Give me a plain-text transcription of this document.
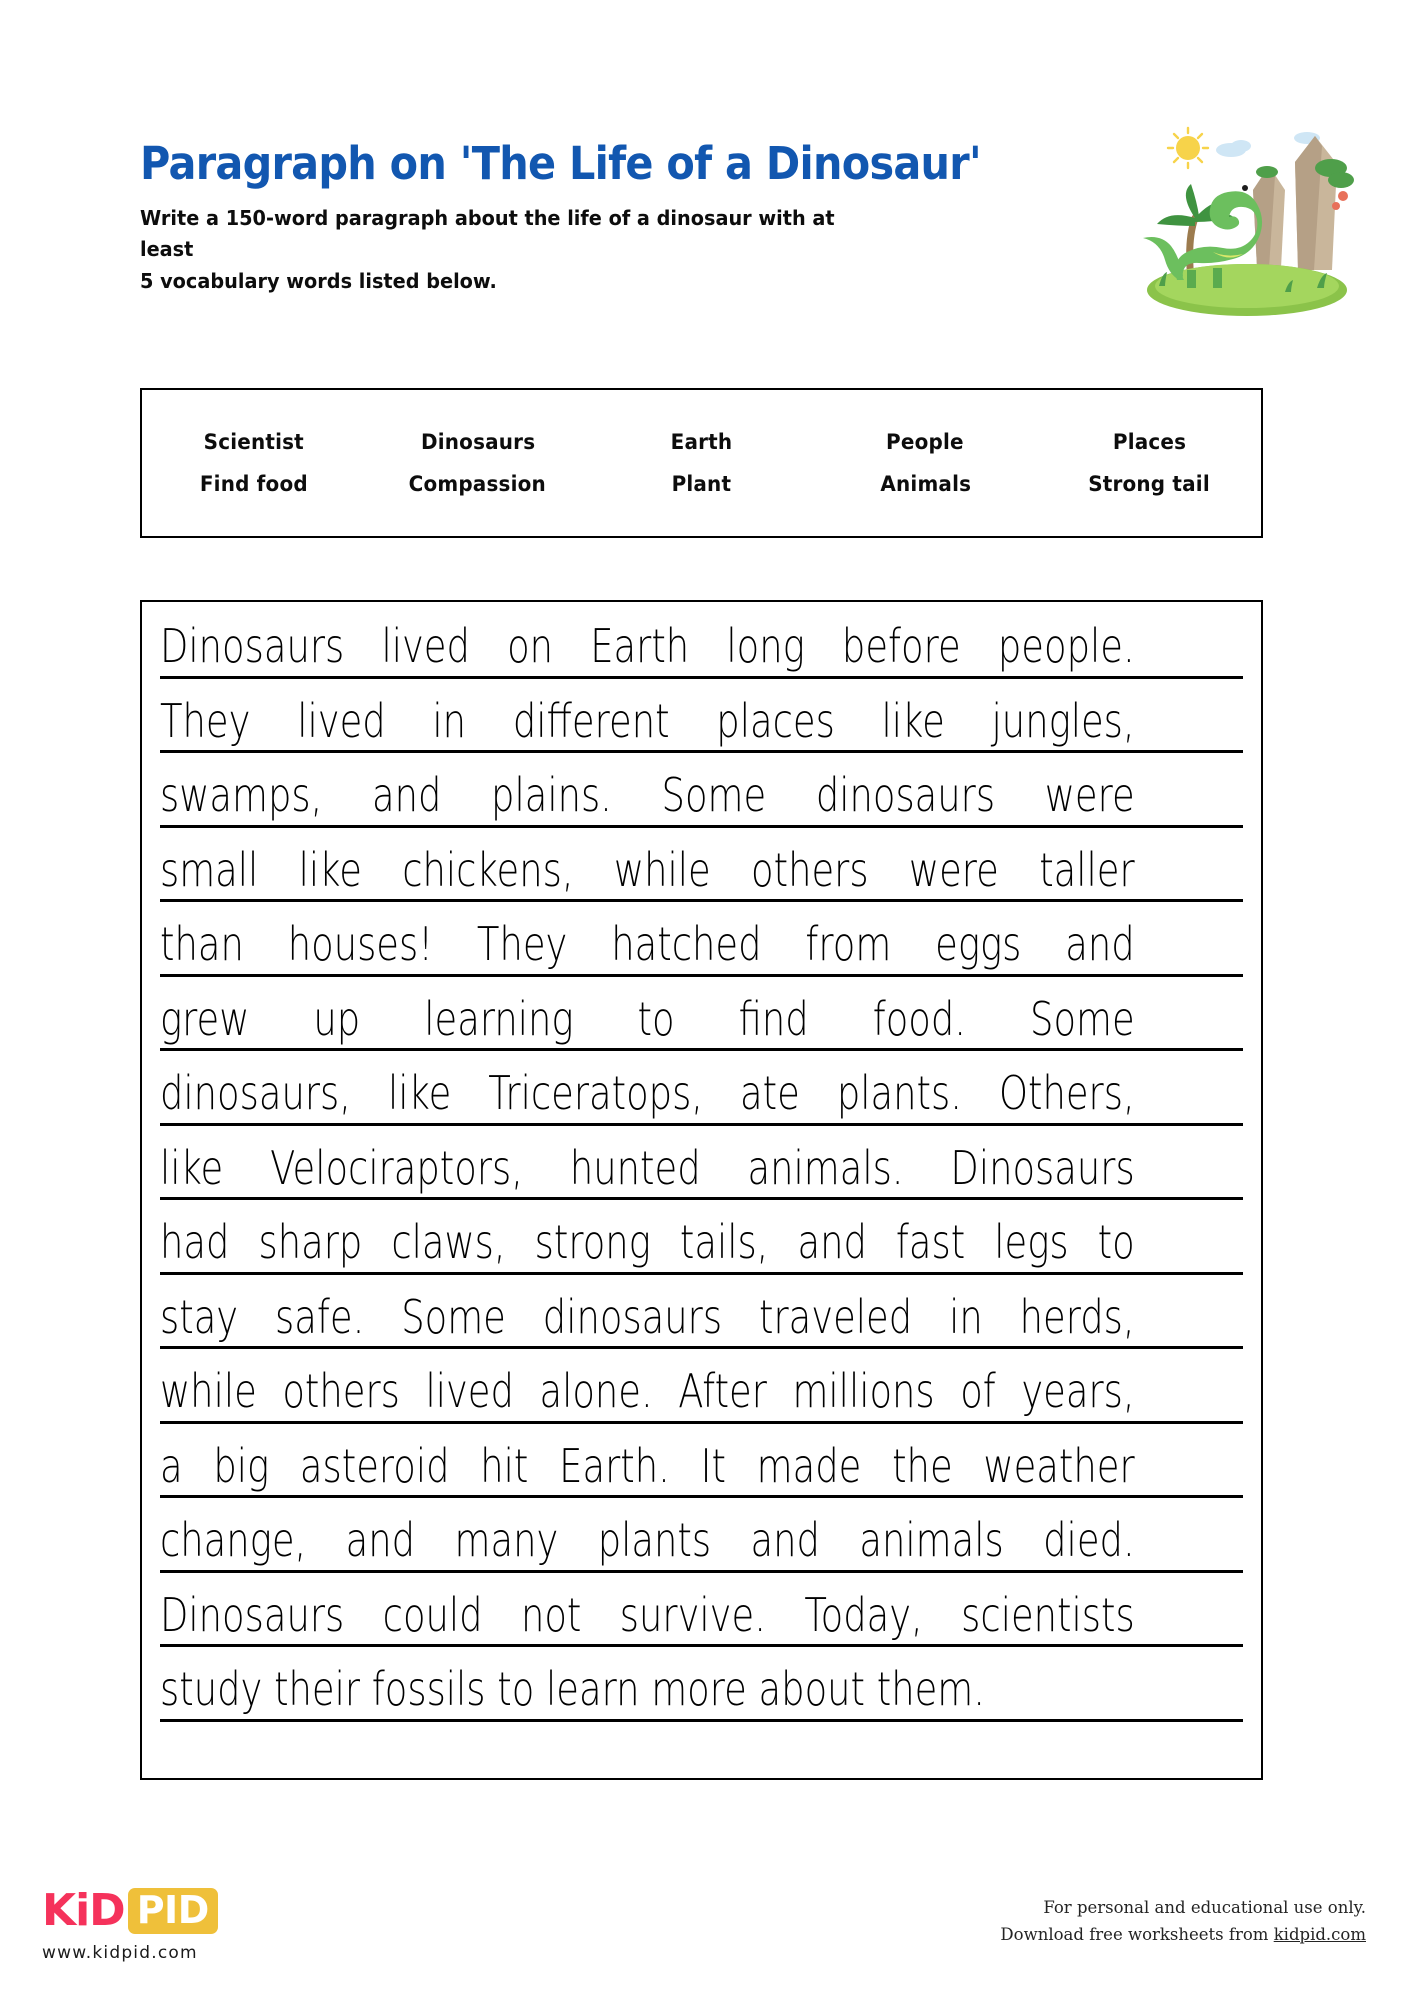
Paragraph on 'The Life of a Dinosaur'
Write a 150-word paragraph about the life of a dinosaur with at least
5 vocabulary words listed below.
Scientist	Dinosaurs	Earth	People	Places
Find food	Compassion	Plant	Animals	Strong tail
Dinosaurs lived on Earth long before people.
They lived in different places like jungles,
swamps, and plains. Some dinosaurs were
small like chickens, while others were taller
than houses! They hatched from eggs and
grew up learning to find food. Some
dinosaurs, like Triceratops, ate plants. Others,
like Velociraptors, hunted animals. Dinosaurs
had sharp claws, strong tails, and fast legs to
stay safe. Some dinosaurs traveled in herds,
while others lived alone. After millions of years,
a big asteroid hit Earth. It made the weather
change, and many plants and animals died.
Dinosaurs could not survive. Today, scientists
study their fossils to learn more about them.
KiD PID
www.kidpid.com
For personal and educational use only.
Download free worksheets from kidpid.com
